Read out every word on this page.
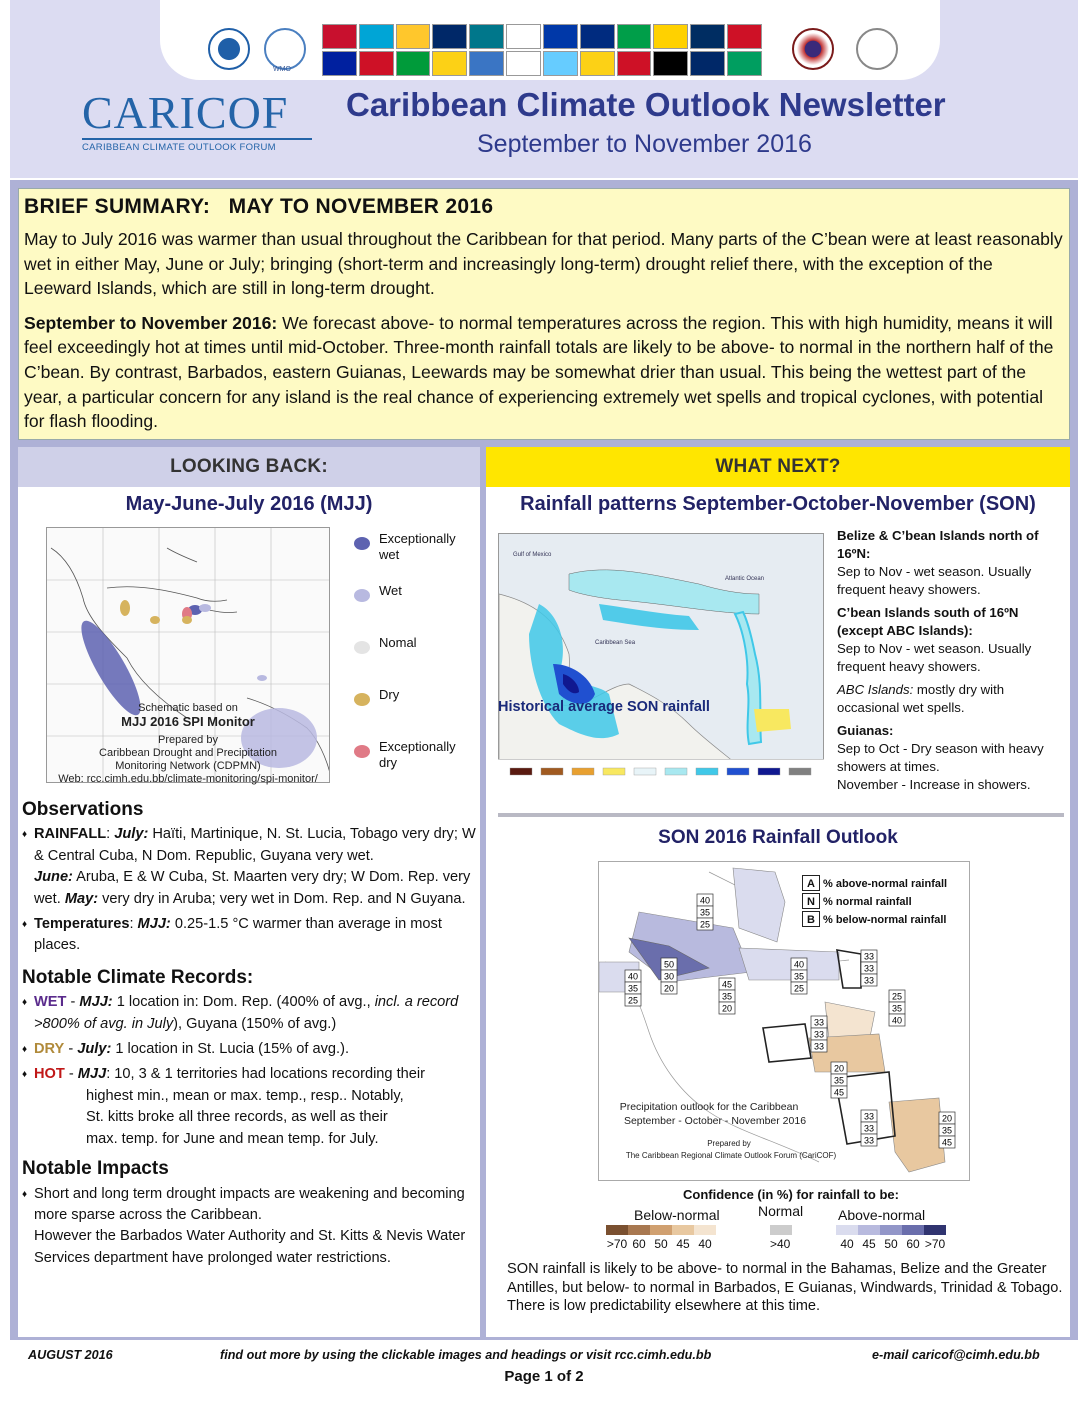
WMO
CARICOF
CARIBBEAN CLIMATE OUTLOOK FORUM
Caribbean Climate Outlook Newsletter
September to November 2016
BRIEF SUMMARY:   MAY TO NOVEMBER 2016

May to July 2016 was warmer than usual throughout the Caribbean for that period. Many parts of the C’bean were at least reasonably wet in either May, June or July; bringing (short-term and increasingly long-term) drought relief there, with the exception of the Leeward Islands, which are still in long-term drought.

September to November 2016: We forecast above- to normal temperatures across the region. This with high humidity, means it will feel exceedingly hot at times until mid-October. Three-month rainfall totals are likely to be above- to normal in the northern half of the C’bean. By contrast, Barbados, eastern Guianas, Leewards may be somewhat drier than usual. This being the wettest part of the year, a particular concern for any island is the real chance of experiencing extremely wet spells and tropical cyclones, with potential for flash flooding.

LOOKING BACK:
May-June-July 2016 (MJJ)
Exceptionally wet
Wet
Nomal
Dry
Exceptionally dry
Schematic based on
MJJ 2016 SPI Monitor
Prepared by
Caribbean Drought and Precipitation
Monitoring Network (CDPMN)
Web: rcc.cimh.edu.bb/climate-monitoring/spi-monitor/
Observations
♦ RAINFALL: July: Haïti, Martinique, N. St. Lucia, Tobago very dry; W & Central Cuba, N Dom. Republic, Guyana very wet.
June: Aruba, E & W Cuba, St. Maarten very dry; W Dom. Rep. very wet. May: very dry in Aruba; very wet in Dom. Rep. and N Guyana.
♦ Temperatures: MJJ: 0.25-1.5 °C warmer than average in most places.
Notable Climate Records:
♦ WET - MJJ: 1 location in: Dom. Rep. (400% of avg., incl. a record >800% of avg. in July), Guyana (150% of avg.)
♦ DRY - July: 1 location in St. Lucia (15% of avg.).
♦ HOT - MJJ: 10, 3 & 1 territories had locations recording their
highest min., mean or max. temp., resp.. Notably,
St. kitts broke all three records, as well as their
max. temp. for June and mean temp. for July.
Notable Impacts
♦ Short and long term drought impacts are weakening and becoming more sparse across the Caribbean.
However the Barbados Water Authority and St. Kitts & Nevis Water Services department have prolonged water restrictions.
WHAT NEXT?
Rainfall patterns September-October-November (SON)
Gulf of Mexico
Atlantic Ocean
Caribbean Sea
Historical average SON rainfall
Belize & C’bean Islands north of 16ºN:
Sep to Nov - wet season. Usually frequent heavy showers.
C’bean Islands south of 16ºN (except ABC Islands):
Sep to Nov - wet season. Usually frequent heavy showers.
ABC Islands: mostly dry with occasional wet spells.
Guianas:
Sep to Oct - Dry season with heavy showers at times.
November - Increase in showers.
SON 2016 Rainfall Outlook
40
35
25
50
30
20
40
35
25
40
35
25
45
35
20
33
33
33
25
35
40
33
33
33
20
35
45
33
33
33
20
35
45
Precipitation outlook for the Caribbean
September - October - November 2016
Prepared by
The Caribbean Regional Climate Outlook Forum (CariCOF)
A % above-normal rainfall
N % normal rainfall
B % below-normal rainfall
Confidence (in %) for rainfall to be:
Below-normal	Normal Above-normal
>70 60 50 45 40	>40	40 45 50 60 >70
SON rainfall is likely to be above- to normal in the Bahamas, Belize and the Greater Antilles, but below- to normal in Barbados, E Guianas, Windwards, Trinidad & Tobago. There is low predictability elsewhere at this time.
AUGUST 2016	find out more by using the clickable images and headings or visit rcc.cimh.edu.bb	e-mail caricof@cimh.edu.bb
Page 1 of 2
